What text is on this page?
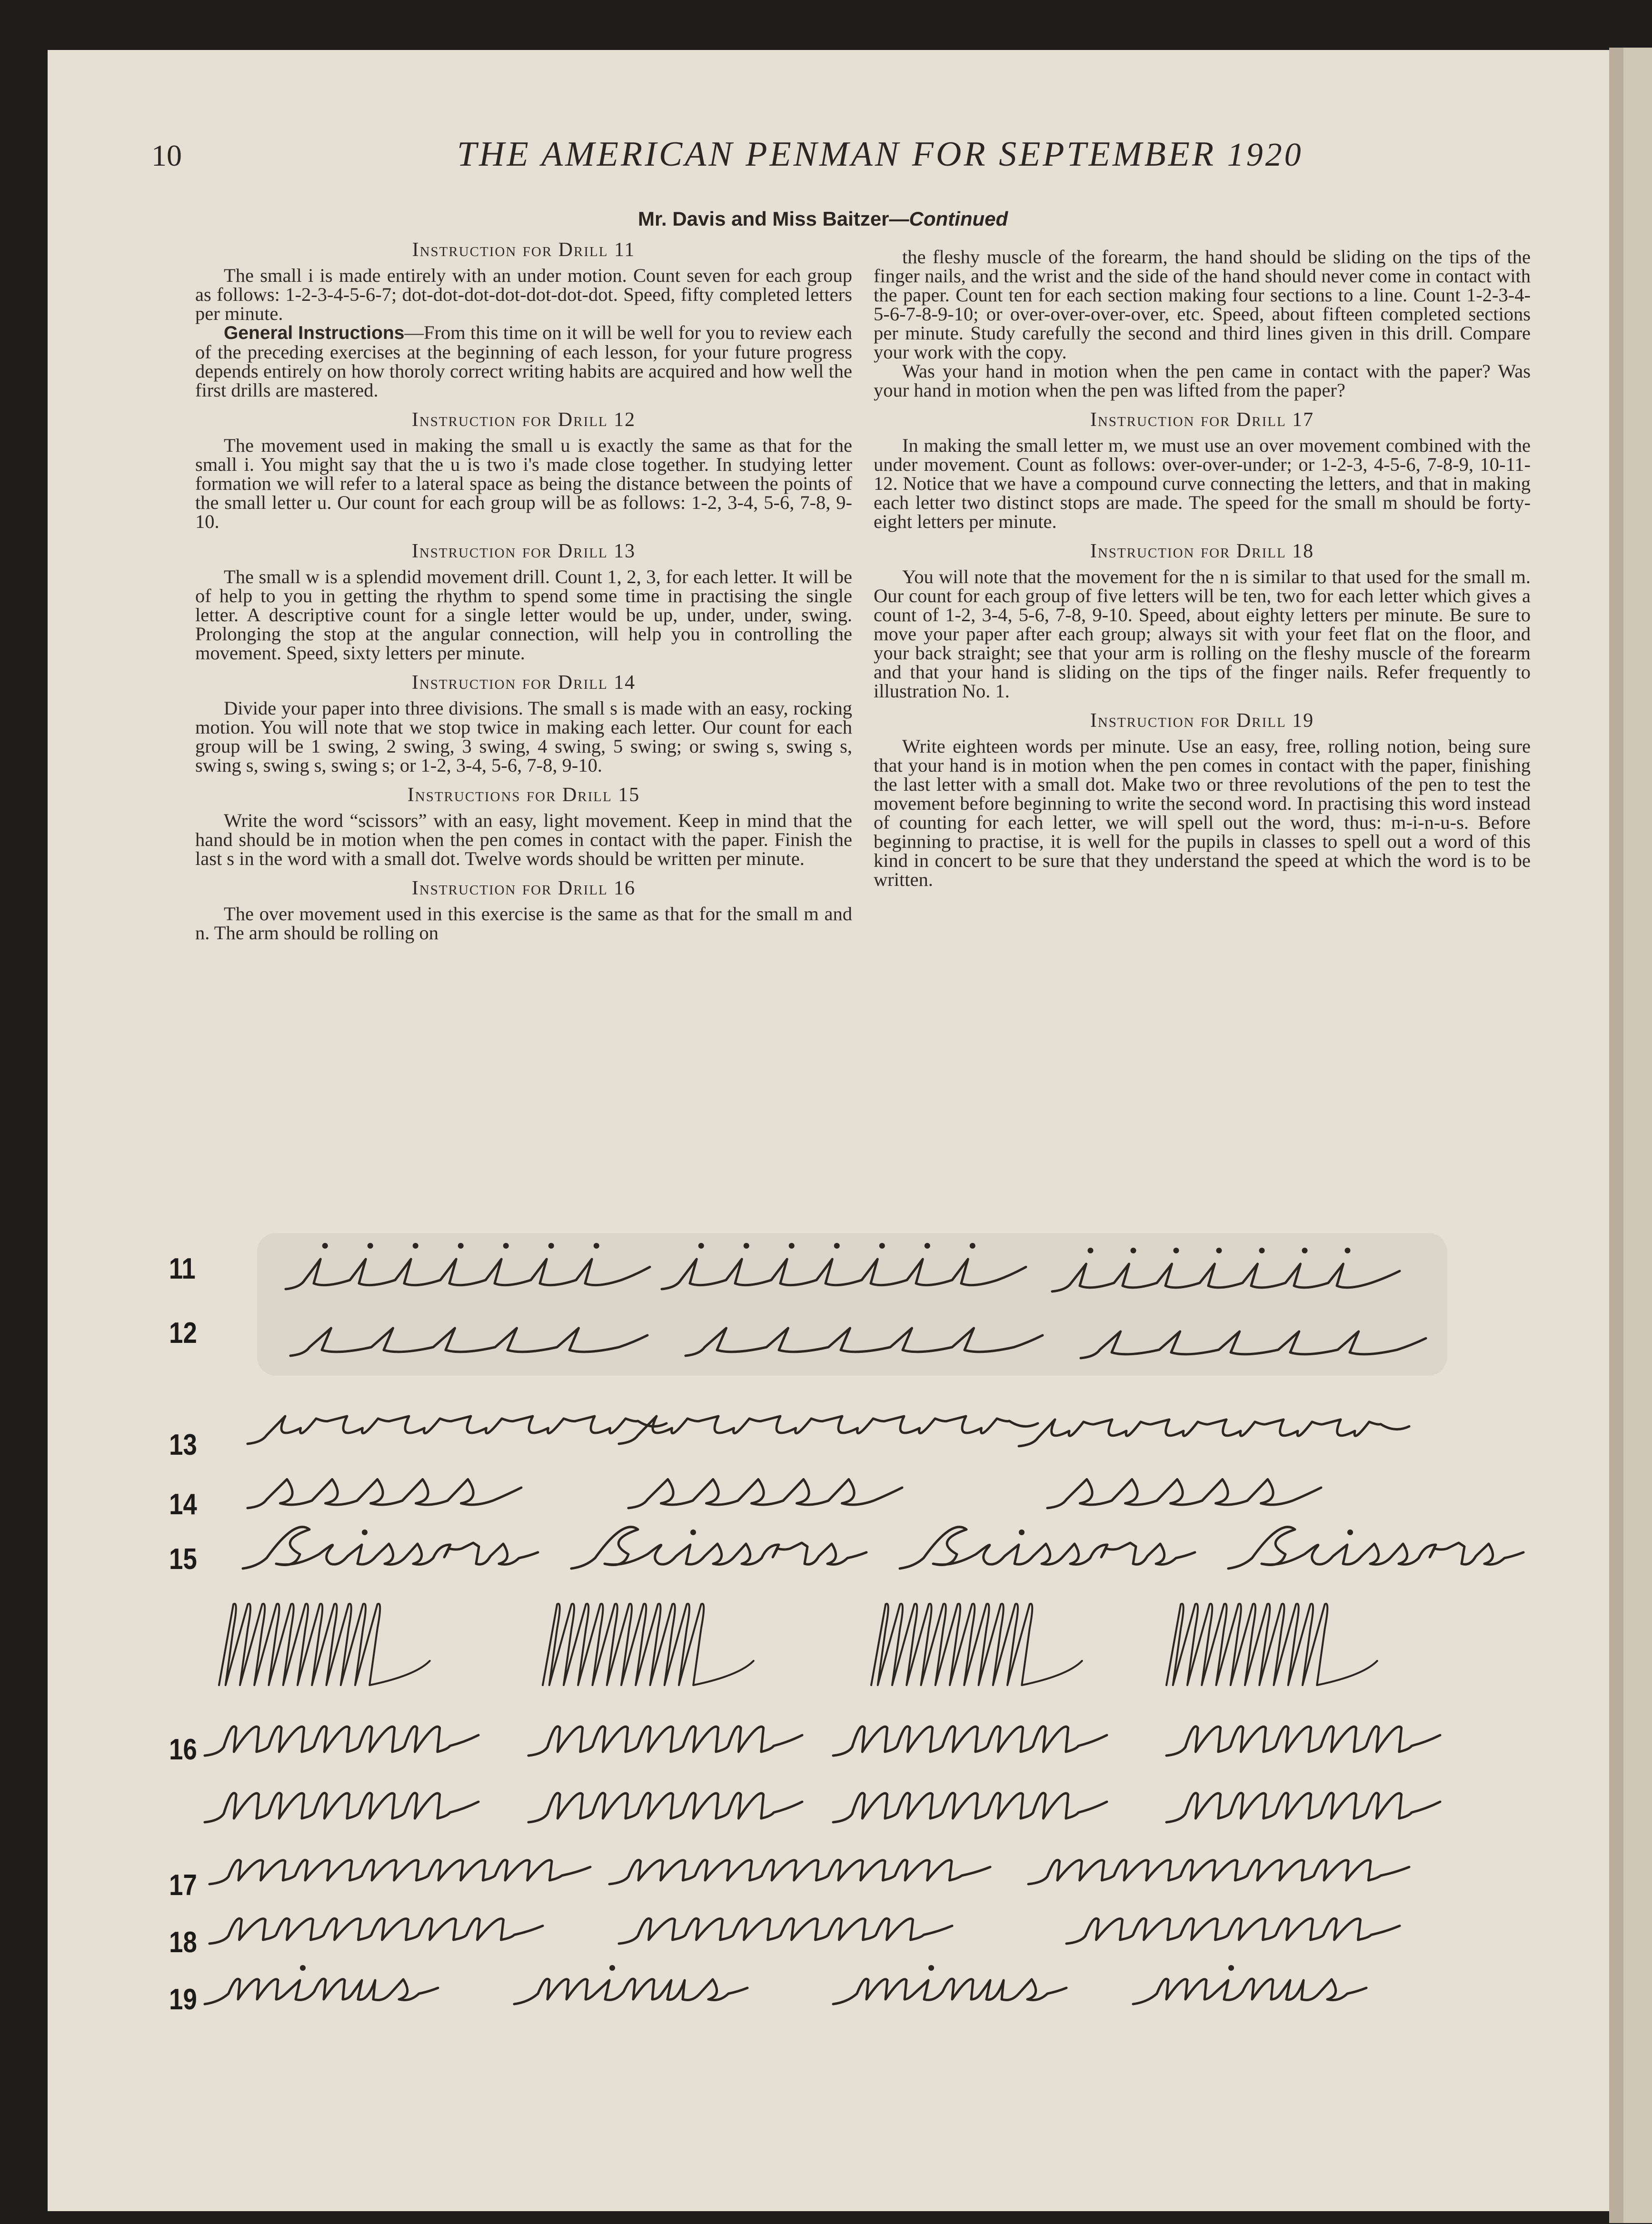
10	THE AMERICAN PENMAN FOR SEPTEMBER 1920
Mr. Davis and Miss Baitzer—Continued

Instruction for Drill 11

The small i is made entirely with an under motion. Count seven for each group as follows: 1-2-3-4-5-6-7; dot-dot-dot-dot-dot-dot-dot. Speed, fifty completed letters per minute.

General Instructions—From this time on it will be well for you to review each of the preceding exercises at the beginning of each lesson, for your future progress depends entirely on how thoroly correct writing habits are acquired and how well the first drills are mastered.

Instruction for Drill 12

The movement used in making the small u is exactly the same as that for the small i. You might say that the u is two i's made close together. In studying letter formation we will refer to a lateral space as being the distance between the points of the small letter u. Our count for each group will be as follows: 1-2, 3-4, 5-6, 7-8, 9-10.

Instruction for Drill 13

The small w is a splendid movement drill. Count 1, 2, 3, for each letter. It will be of help to you in getting the rhythm to spend some time in practising the single letter. A descriptive count for a single letter would be up, under, under, swing. Prolonging the stop at the angular connection, will help you in controlling the movement. Speed, sixty letters per minute.

Instruction for Drill 14

Divide your paper into three divisions. The small s is made with an easy, rocking motion. You will note that we stop twice in making each letter. Our count for each group will be 1 swing, 2 swing, 3 swing, 4 swing, 5 swing; or swing s, swing s, swing s, swing s, swing s; or 1-2, 3-4, 5-6, 7-8, 9-10.

Instructions for Drill 15

Write the word “scissors” with an easy, light movement. Keep in mind that the hand should be in motion when the pen comes in contact with the paper. Finish the last s in the word with a small dot. Twelve words should be written per minute.

Instruction for Drill 16

The over movement used in this exercise is the same as that for the small m and n. The arm should be rolling on

the fleshy muscle of the forearm, the hand should be sliding on the tips of the finger nails, and the wrist and the side of the hand should never come in contact with the paper. Count ten for each section making four sections to a line. Count 1-2-3-4-5-6-7-8-9-10; or over-over-over-over, etc. Speed, about fifteen completed sections per minute. Study carefully the second and third lines given in this drill. Compare your work with the copy.

Was your hand in motion when the pen came in contact with the paper? Was your hand in motion when the pen was lifted from the paper?

Instruction for Drill 17

In making the small letter m, we must use an over movement combined with the under movement. Count as follows: over-over-under; or 1-2-3, 4-5-6, 7-8-9, 10-11-12. Notice that we have a compound curve connecting the letters, and that in making each letter two distinct stops are made. The speed for the small m should be forty-eight letters per minute.

Instruction for Drill 18

You will note that the movement for the n is similar to that used for the small m. Our count for each group of five letters will be ten, two for each letter which gives a count of 1-2, 3-4, 5-6, 7-8, 9-10. Speed, about eighty letters per minute. Be sure to move your paper after each group; always sit with your feet flat on the floor, and your back straight; see that your arm is rolling on the fleshy muscle of the forearm and that your hand is sliding on the tips of the finger nails. Refer frequently to illustration No. 1.

Instruction for Drill 19

Write eighteen words per minute. Use an easy, free, rolling notion, being sure that your hand is in motion when the pen comes in contact with the paper, finishing the last letter with a small dot. Make two or three revolutions of the pen to test the movement before beginning to write the second word. In practising this word instead of counting for each letter, we will spell out the word, thus: m-i-n-u-s. Before beginning to practise, it is well for the pupils in classes to spell out a word of this kind in concert to be sure that they understand the speed at which the word is to be written.

11
12
13
14
15
16
17
18
19
